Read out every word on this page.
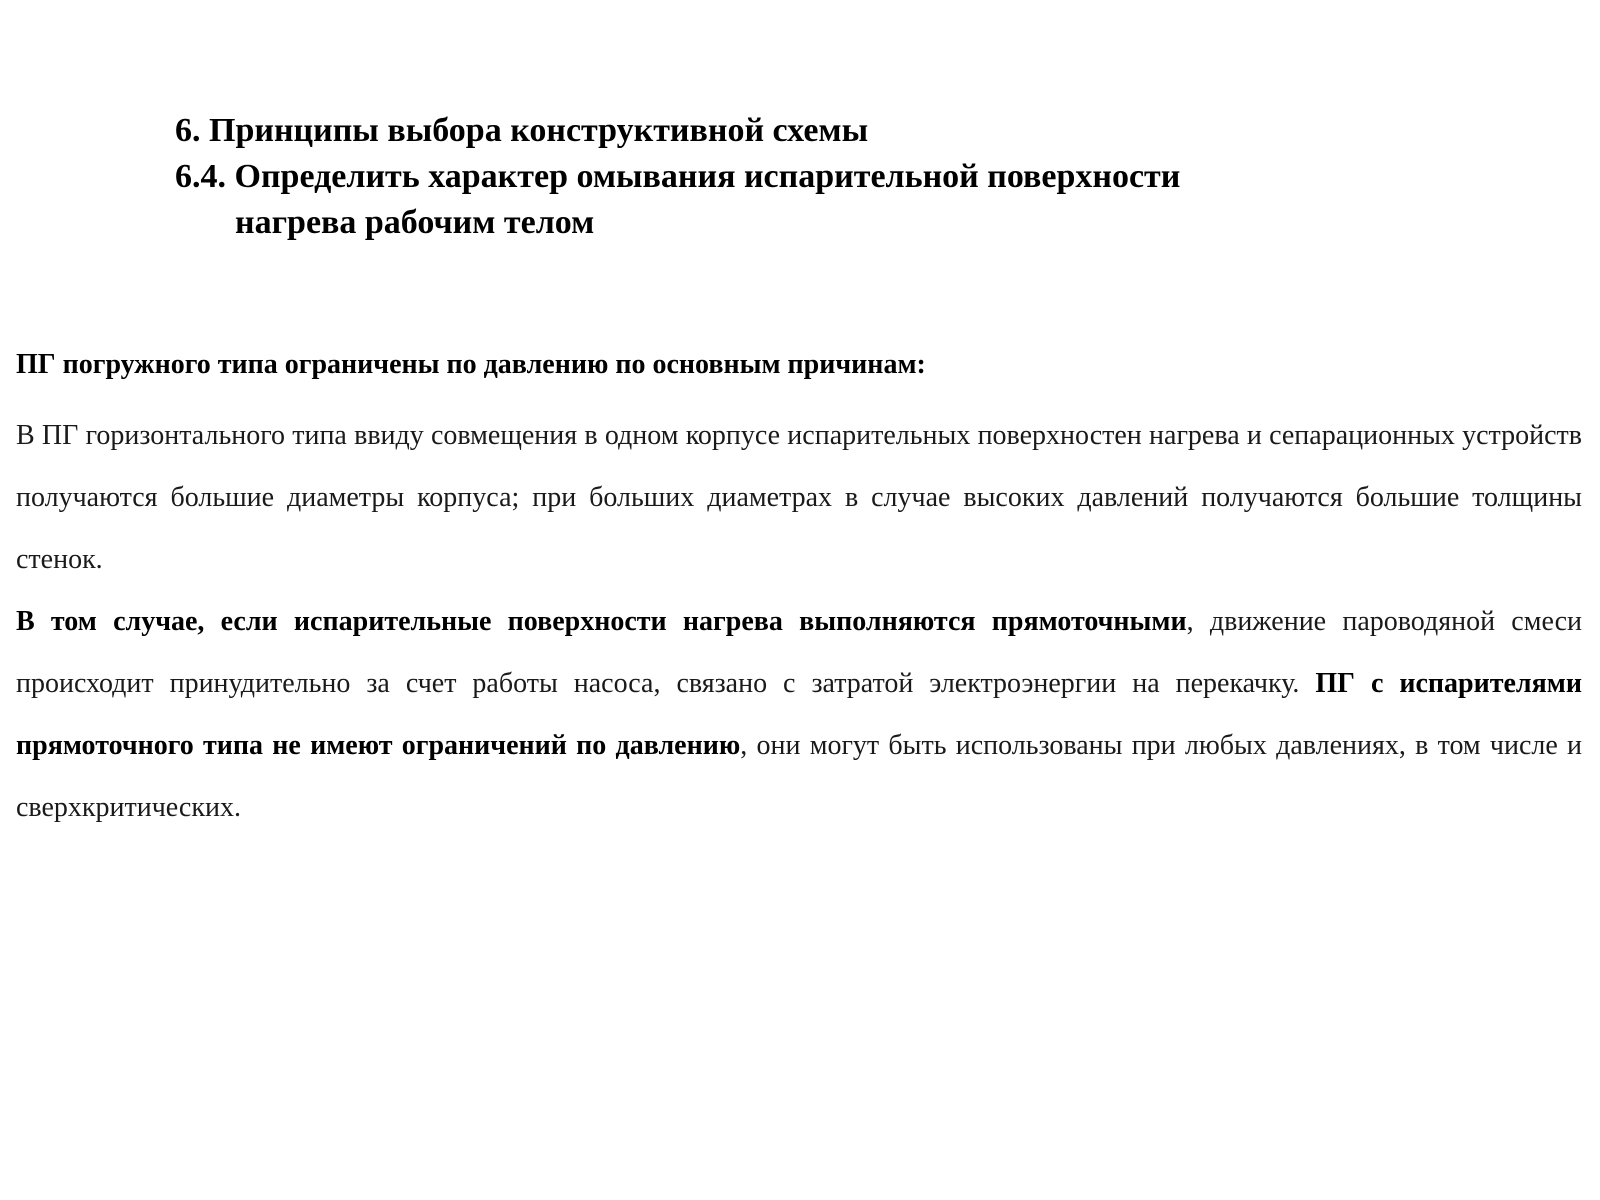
6. Принципы выбора конструктивной схемы
6.4. Определить характер омывания испарительной поверхности
нагрева рабочим телом

ПГ погружного типа ограничены по давлению по основным причинам:

В ПГ горизонтального типа ввиду совмещения в одном корпусе испарительных поверхностен нагрева и сепарационных устройств получаются большие диаметры корпуса; при больших диаметрах в случае высоких давлений получаются большие толщины стенок.

В том случае, если испарительные поверхности нагрева выполняются прямоточными, движение пароводяной смеси происходит принудительно за счет работы насоса, связано с затратой электроэнергии на перекачку. ПГ с испарителями прямоточного типа не имеют ограничений по давлению, они могут быть использованы при любых давлениях, в том числе и сверхкритических.
